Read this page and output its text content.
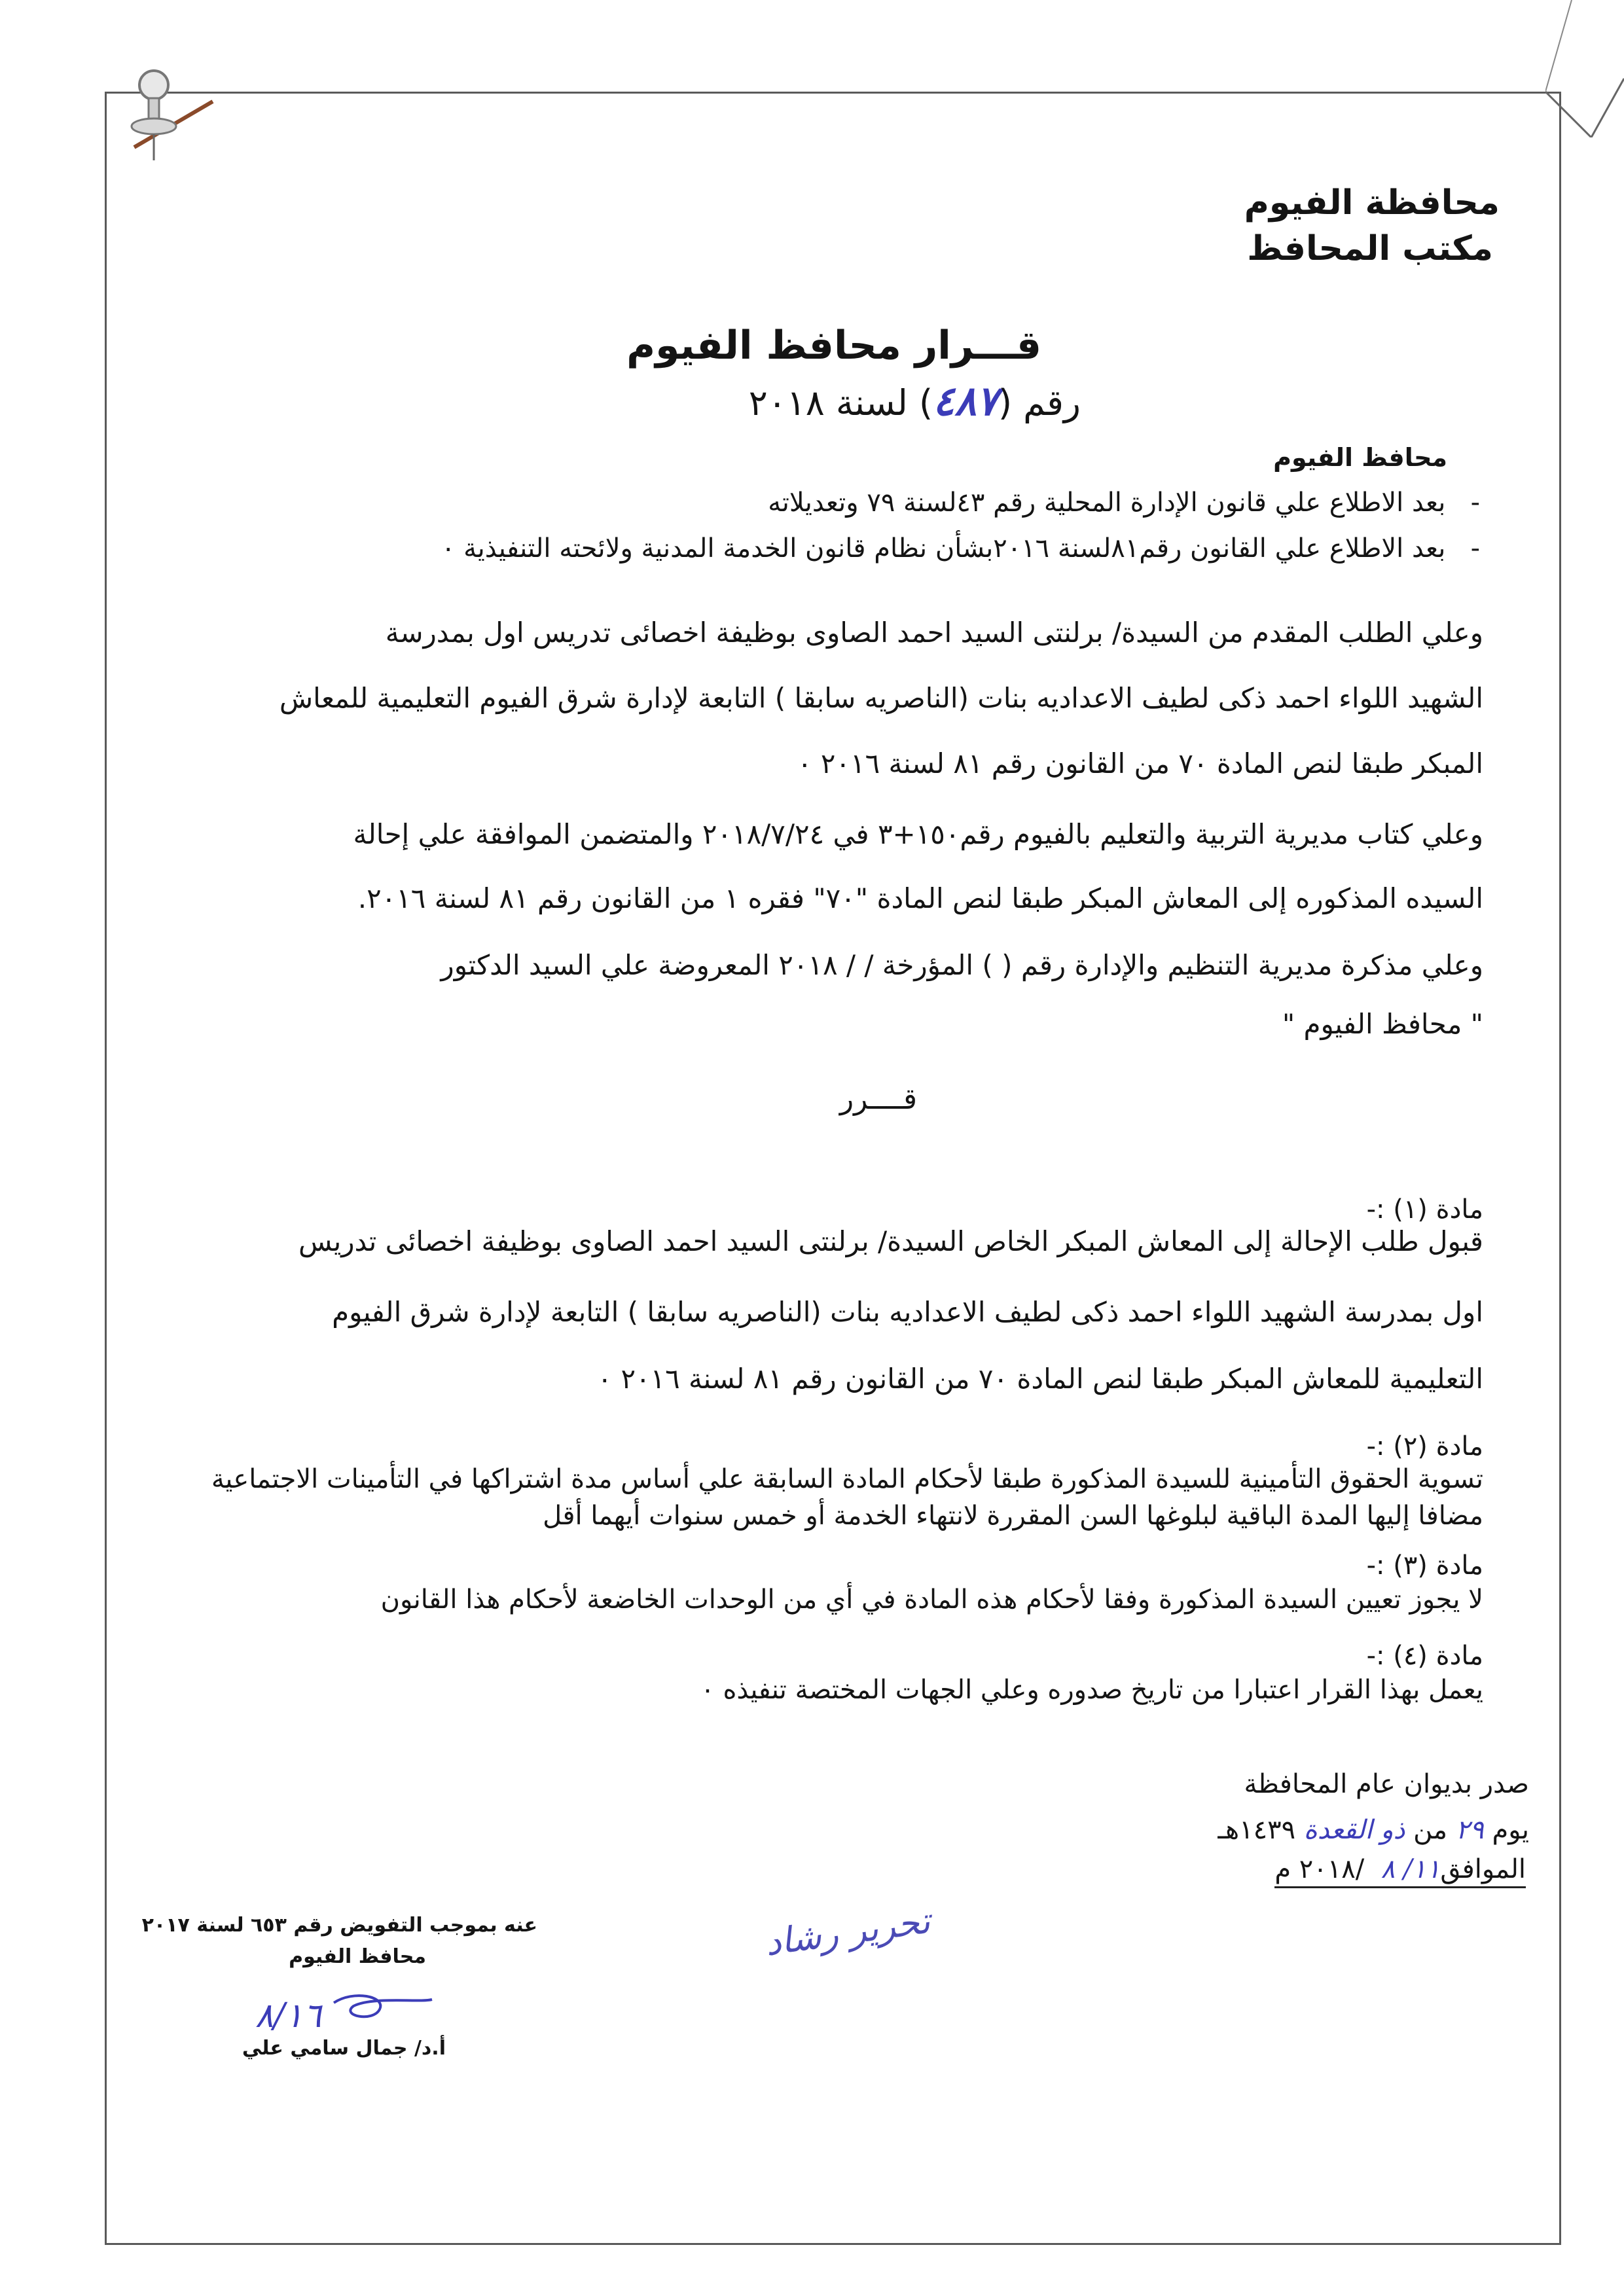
محافظة الفيوم
مكتب المحافظ
قـــرار محافظ الفيوم
رقم (٤٨٧) لسنة ٢٠١٨
محافظ الفيوم
-   بعد الاطلاع علي قانون الإدارة المحلية رقم ٤٣لسنة ٧٩ وتعديلاته
-   بعد الاطلاع علي القانون رقم٨١لسنة ٢٠١٦بشأن نظام قانون الخدمة المدنية ولائحته التنفيذية ٠
وعلي الطلب المقدم من السيدة/ برلنتى السيد احمد الصاوى بوظيفة اخصائى تدريس اول بمدرسة
الشهيد اللواء احمد ذكى لطيف الاعداديه بنات (الناصريه سابقا ) التابعة لإدارة شرق الفيوم التعليمية للمعاش
المبكر طبقا لنص المادة ٧٠ من القانون رقم ٨١ لسنة ٢٠١٦ ٠
وعلي كتاب مديرية التربية والتعليم بالفيوم رقم١٥٠+٣ في ٢٠١٨/٧/٢٤ والمتضمن الموافقة علي إحالة
السيده المذكوره إلى المعاش المبكر طبقا لنص المادة "٧٠" فقره ١ من القانون رقم ٨١ لسنة ٢٠١٦.
وعلي مذكرة مديرية التنظيم والإدارة رقم ( ) المؤرخة / / ٢٠١٨ المعروضة علي السيد الدكتور
" محافظ الفيوم "
قــــرر
مادة (١) :-
قبول طلب الإحالة إلى المعاش المبكر الخاص السيدة/ برلنتى السيد احمد الصاوى بوظيفة اخصائى تدريس
اول بمدرسة الشهيد اللواء احمد ذكى لطيف الاعداديه بنات (الناصريه سابقا ) التابعة لإدارة شرق الفيوم
التعليمية للمعاش المبكر طبقا لنص المادة ٧٠ من القانون رقم ٨١ لسنة ٢٠١٦ ٠
مادة (٢) :-
تسوية الحقوق التأمينية للسيدة المذكورة طبقا لأحكام المادة السابقة علي أساس مدة اشتراكها في التأمينات الاجتماعية
مضافا إليها المدة الباقية لبلوغها السن المقررة لانتهاء الخدمة أو خمس سنوات أيهما أقل
مادة (٣) :-
لا يجوز تعيين السيدة المذكورة وفقا لأحكام هذه المادة في أي من الوحدات الخاضعة لأحكام هذا القانون
مادة (٤) :-
يعمل بهذا القرار اعتبارا من تاريخ صدوره وعلي الجهات المختصة تنفيذه ٠
صدر بديوان عام المحافظة
يوم ٢٩ من ذو القعدة ١٤٣٩هـ
الموافق١١/ ٨  /٢٠١٨ م
تحرير رشاد
عنه بموجب التفويض رقم ٦٥٣ لسنة ٢٠١٧
محافظ الفيوم
٨/١٦
أ.د/ جمال سامي علي
